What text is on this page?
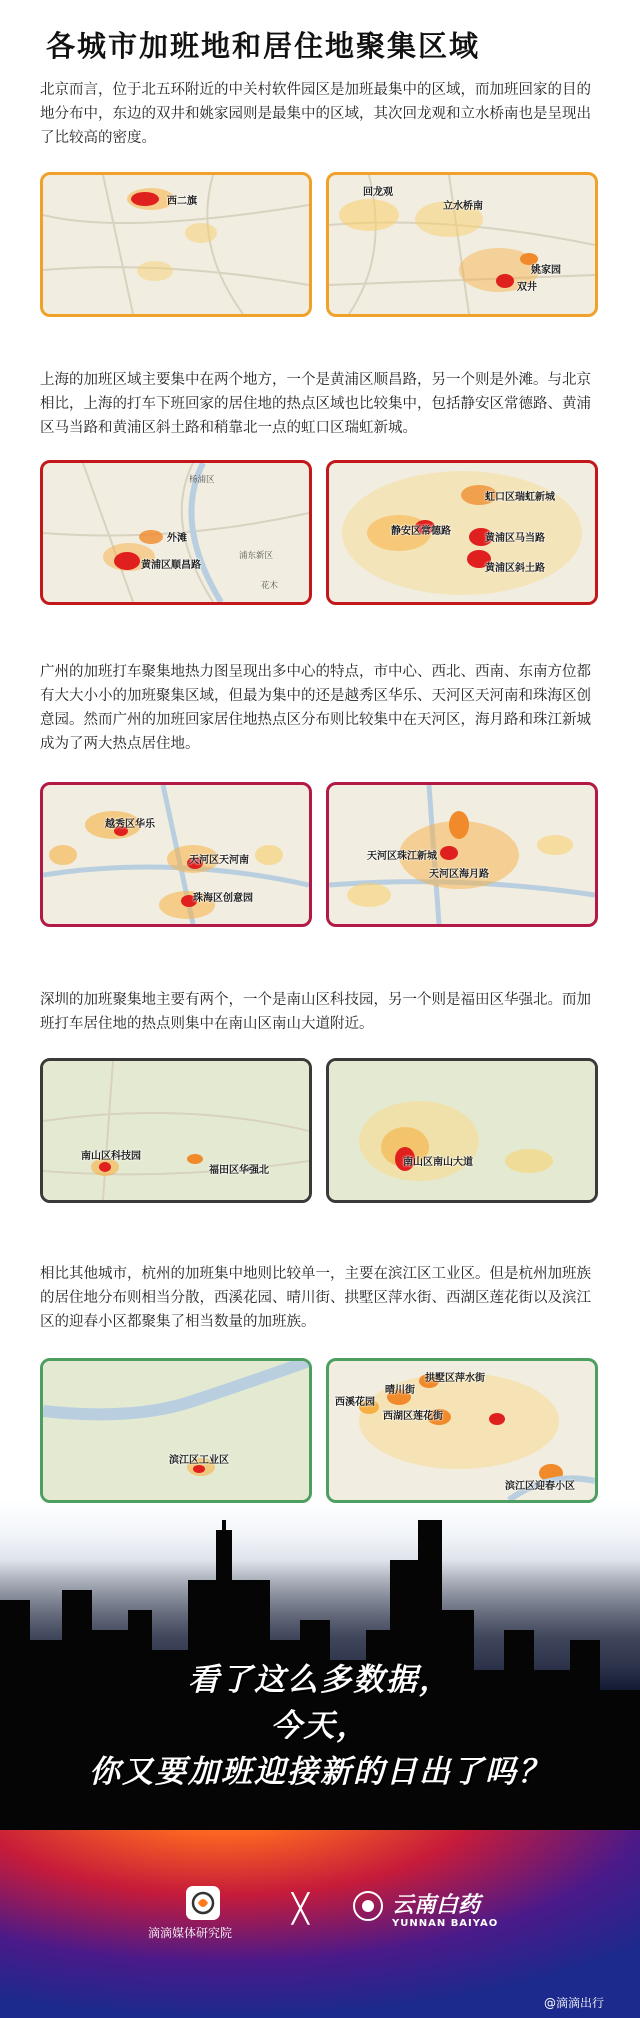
各城市加班地和居住地聚集区域
北京而言，位于北五环附近的中关村软件园区是加班最集中的区域，而加班回家的目的地分布中，东边的双井和姚家园则是最集中的区域，其次回龙观和立水桥南也是呈现出了比较高的密度。
西二旗
回龙观
立水桥南
姚家园
双井
上海的加班区域主要集中在两个地方，一个是黄浦区顺昌路，另一个则是外滩。与北京相比，上海的打车下班回家的居住地的热点区域也比较集中，包括静安区常德路、黄浦区马当路和黄浦区斜土路和稍靠北一点的虹口区瑞虹新城。
杨浦区
浦东新区
花木
外滩
黄浦区顺昌路
虹口区瑞虹新城
静安区常德路
黄浦区马当路
黄浦区斜土路
广州的加班打车聚集地热力图呈现出多中心的特点，市中心、西北、西南、东南方位都有大大小小的加班聚集区域，但最为集中的还是越秀区华乐、天河区天河南和珠海区创意园。然而广州的加班回家居住地热点区分布则比较集中在天河区，海月路和珠江新城成为了两大热点居住地。
越秀区华乐
天河区天河南
珠海区创意园
天河区珠江新城
天河区海月路
深圳的加班聚集地主要有两个，一个是南山区科技园，另一个则是福田区华强北。而加班打车居住地的热点则集中在南山区南山大道附近。
南山区科技园
福田区华强北
南山区南山大道
相比其他城市，杭州的加班集中地则比较单一，主要在滨江区工业区。但是杭州加班族的居住地分布则相当分散，西溪花园、晴川街、拱墅区萍水街、西湖区莲花街以及滨江区的迎春小区都聚集了相当数量的加班族。
滨江区工业区
拱墅区萍水街
晴川街
西溪花园
西湖区莲花街
滨江区迎春小区
看了这么多数据，
今天，
你又要加班迎接新的日出了吗？
滴滴媒体研究院
╳	云南白药
YUNNAN BAIYAO
@滴滴出行
